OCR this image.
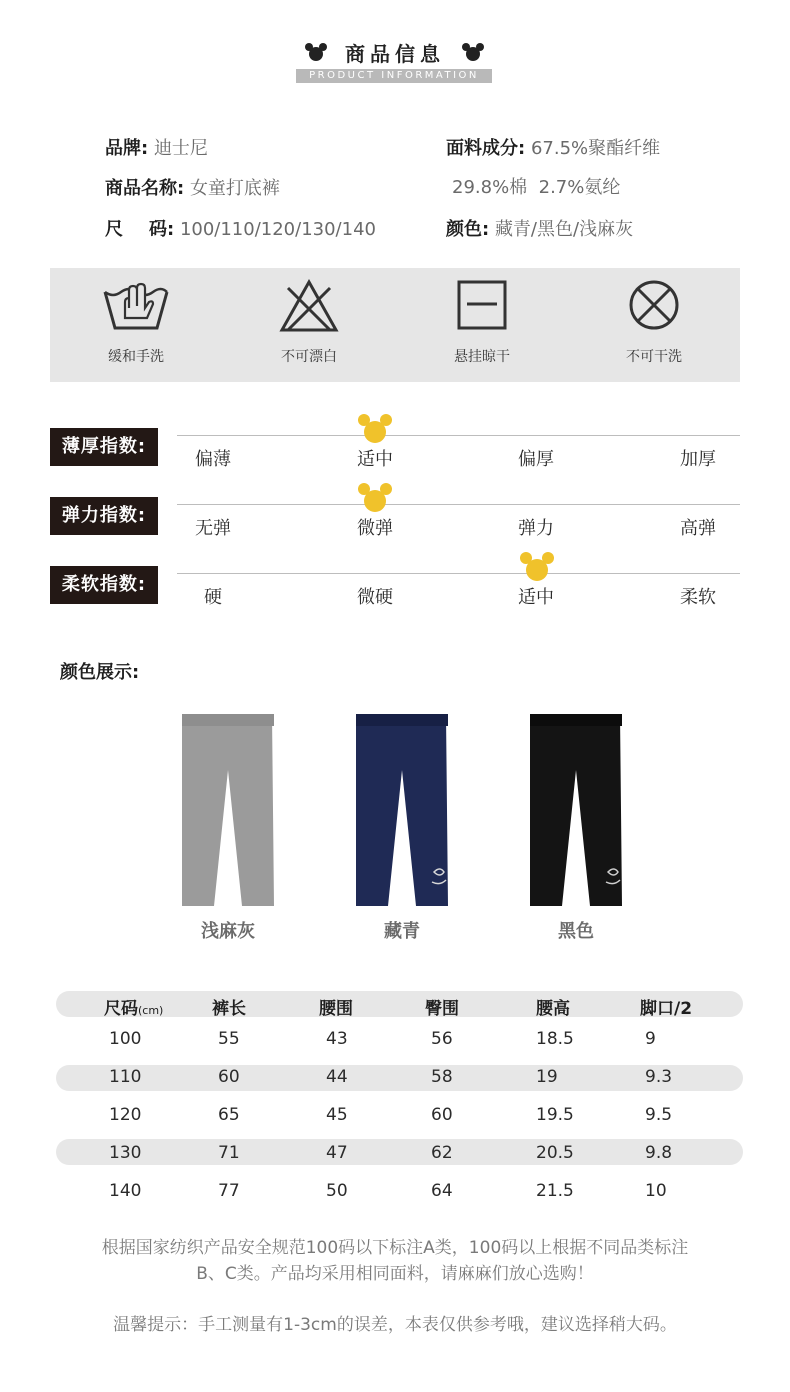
商品信息
PRODUCT INFORMATION
品牌: 迪士尼
商品名称: 女童打底裤
尺 码: 100/110/120/130/140
面料成分: 67.5%聚酯纤维
29.8%棉  2.7%氨纶
颜色: 藏青/黑色/浅麻灰
缓和手洗	不可漂白	悬挂晾干	不可干洗
薄厚指数:
偏薄	适中	偏厚	加厚
弹力指数:
无弹	微弹	弹力	高弹
柔软指数:
硬	微硬	适中	柔软
颜色展示:
浅麻灰	藏青	黑色
尺码(cm)	裤长	腰围	臀围	腰高	脚口/2
100	55	43	56	18.5	9
110	60	44	58	19	9.3
120	65	45	60	19.5	9.5
130	71	47	62	20.5	9.8
140	77	50	64	21.5	10
根据国家纺织产品安全规范100码以下标注A类，100码以上根据不同品类标注
B、C类。产品均采用相同面料，请麻麻们放心选购！
温馨提示：手工测量有1-3cm的误差，本表仅供参考哦，建议选择稍大码。
